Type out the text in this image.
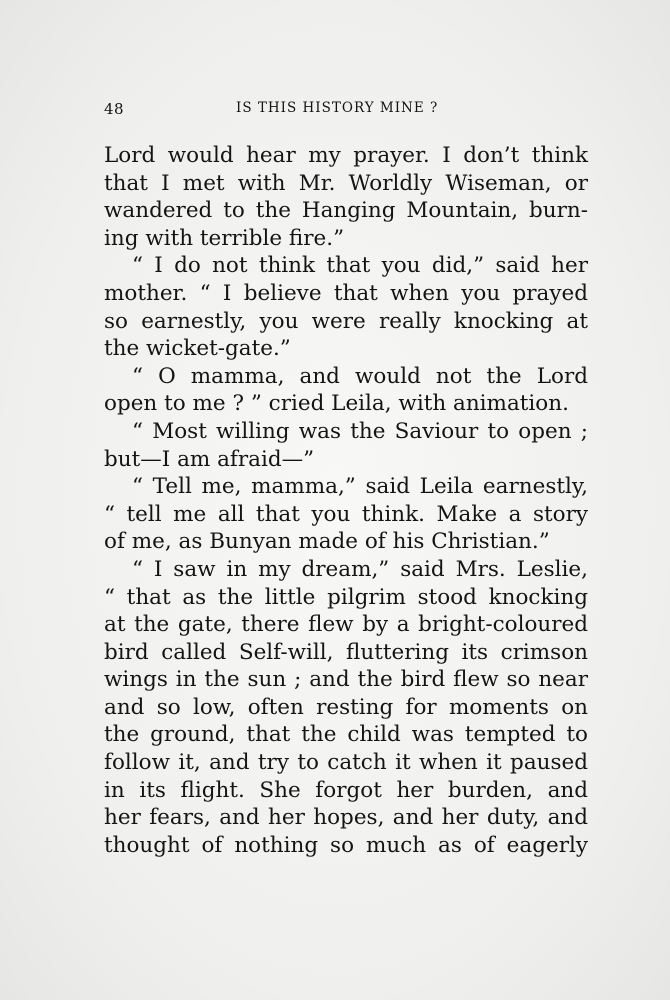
48	IS THIS HISTORY MINE ?
Lord would hear my prayer. I don’t think
that I met with Mr. Worldly Wiseman, or
wandered to the Hanging Mountain, burn-
ing with terrible fire.”
“ I do not think that you did,” said her
mother. “ I believe that when you prayed
so earnestly, you were really knocking at
the wicket-gate.”
“ O mamma, and would not the Lord
open to me ? ” cried Leila, with animation.
“ Most willing was the Saviour to open ;
but—I am afraid—”
“ Tell me, mamma,” said Leila earnestly,
“ tell me all that you think. Make a story
of me, as Bunyan made of his Christian.”
“ I saw in my dream,” said Mrs. Leslie,
“ that as the little pilgrim stood knocking
at the gate, there flew by a bright-coloured
bird called Self-will, fluttering its crimson
wings in the sun ; and the bird flew so near
and so low, often resting for moments on
the ground, that the child was tempted to
follow it, and try to catch it when it paused
in its flight. She forgot her burden, and
her fears, and her hopes, and her duty, and
thought of nothing so much as of eagerly
